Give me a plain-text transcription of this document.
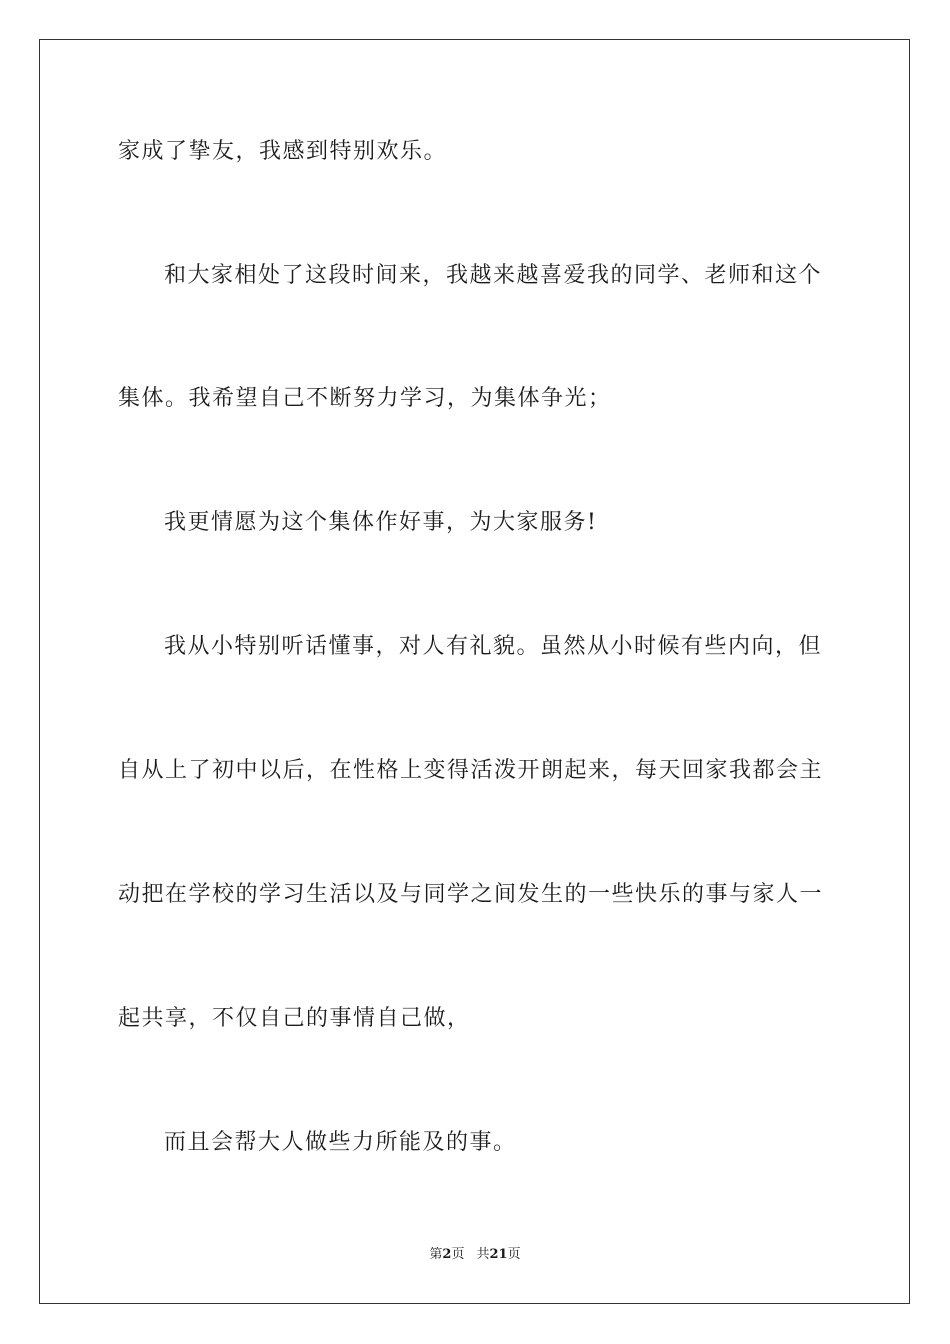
家成了挚友，我感到特别欢乐。
和大家相处了这段时间来，我越来越喜爱我的同学、老师和这个
集体。我希望自己不断努力学习，为集体争光；
我更情愿为这个集体作好事，为大家服务!
我从小特别听话懂事，对人有礼貌。虽然从小时候有些内向，但
自从上了初中以后，在性格上变得活泼开朗起来，每天回家我都会主
动把在学校的学习生活以及与同学之间发生的一些快乐的事与家人一
起共享，不仅自己的事情自己做，
而且会帮大人做些力所能及的事。
第2页 共21页
